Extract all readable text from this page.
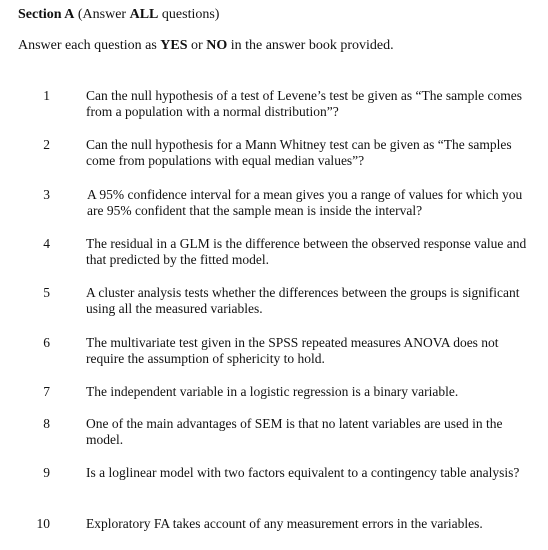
Section A (Answer ALL questions)
Answer each question as YES or NO in the answer book provided.
1	Can the null hypothesis of a test of Levene’s test be given as “The sample comes from a population with a normal distribution”?
2	Can the null hypothesis for a Mann Whitney test can be given as “The samples come from populations with equal median values”?
3	A 95% confidence interval for a mean gives you a range of values for which you are 95% confident that the sample mean is inside the interval?
4	The residual in a GLM is the difference between the observed response value and that predicted by the fitted model.
5	A cluster analysis tests whether the differences between the groups is significant using all the measured variables.
6	The multivariate test given in the SPSS repeated measures ANOVA does not require the assumption of sphericity to hold.
7	The independent variable in a logistic regression is a binary variable.
8	One of the main advantages of SEM is that no latent variables are used in the model.
9	Is a loglinear model with two factors equivalent to a contingency table analysis?
10	Exploratory FA takes account of any measurement errors in the variables.
